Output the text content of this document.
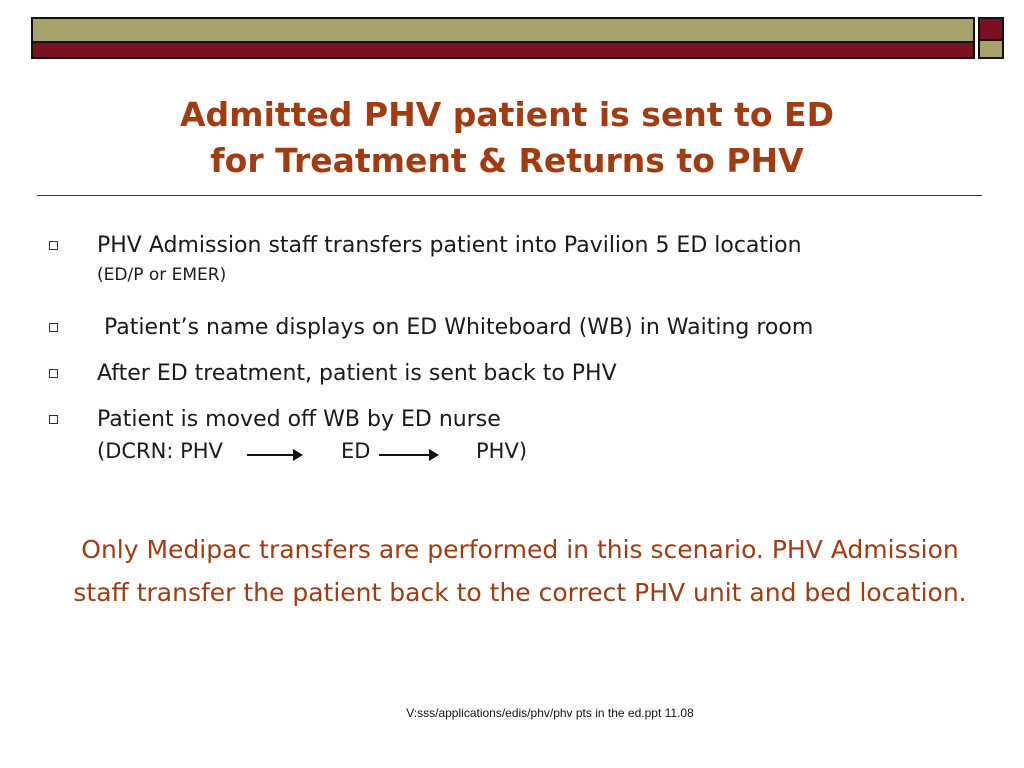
Admitted PHV patient is sent to ED
for Treatment & Returns to PHV
PHV Admission staff transfers patient into Pavilion 5 ED location
(ED/P or EMER)
Patient’s name displays on ED Whiteboard (WB) in Waiting room
After ED treatment, patient is sent back to PHV
Patient is moved off WB by ED nurse
(DCRN: PHV	ED	PHV)
Only Medipac transfers are performed in this scenario. PHV Admission staff transfer the patient back to the correct PHV unit and bed location.
V:sss/applications/edis/phv/phv pts in the ed.ppt 11.08
